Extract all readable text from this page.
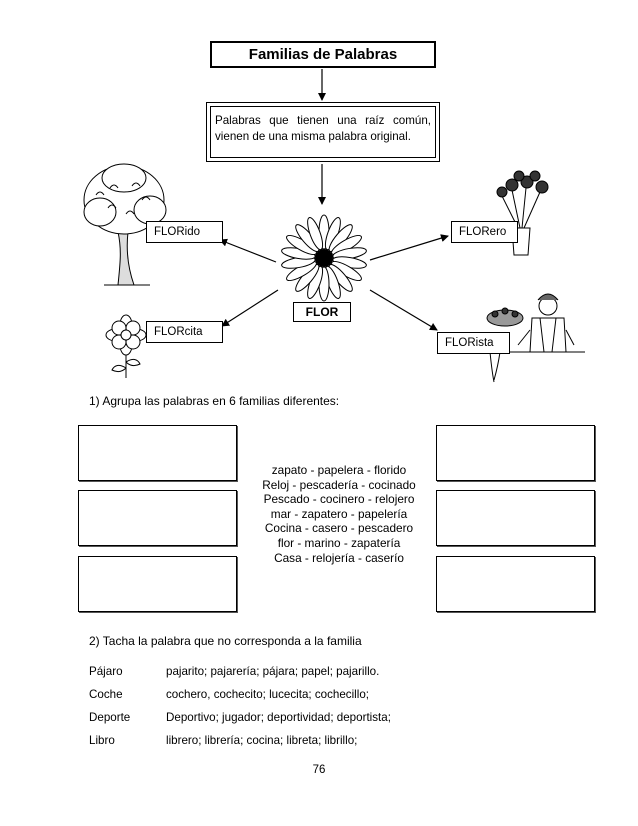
Familias de Palabras
Palabras que tienen una raíz común, vienen de una misma palabra original.
FLORido	FLORero
FLORcita
FLORista
FLOR
1) Agrupa las palabras en 6 familias diferentes:
zapato - papelera - florido
Reloj - pescadería - cocinado
Pescado - cocinero - relojero
mar - zapatero - papelería
Cocina - casero - pescadero
flor - marino - zapatería
Casa - relojería - caserío
2) Tacha la palabra que no corresponda a la familia
Pájaro	pajarito; pajarería; pájara; papel; pajarillo.
Coche	cochero, cochecito; lucecita; cochecillo;
Deporte	Deportivo; jugador; deportividad; deportista;
Libro	librero; librería; cocina; libreta; librillo;
76
